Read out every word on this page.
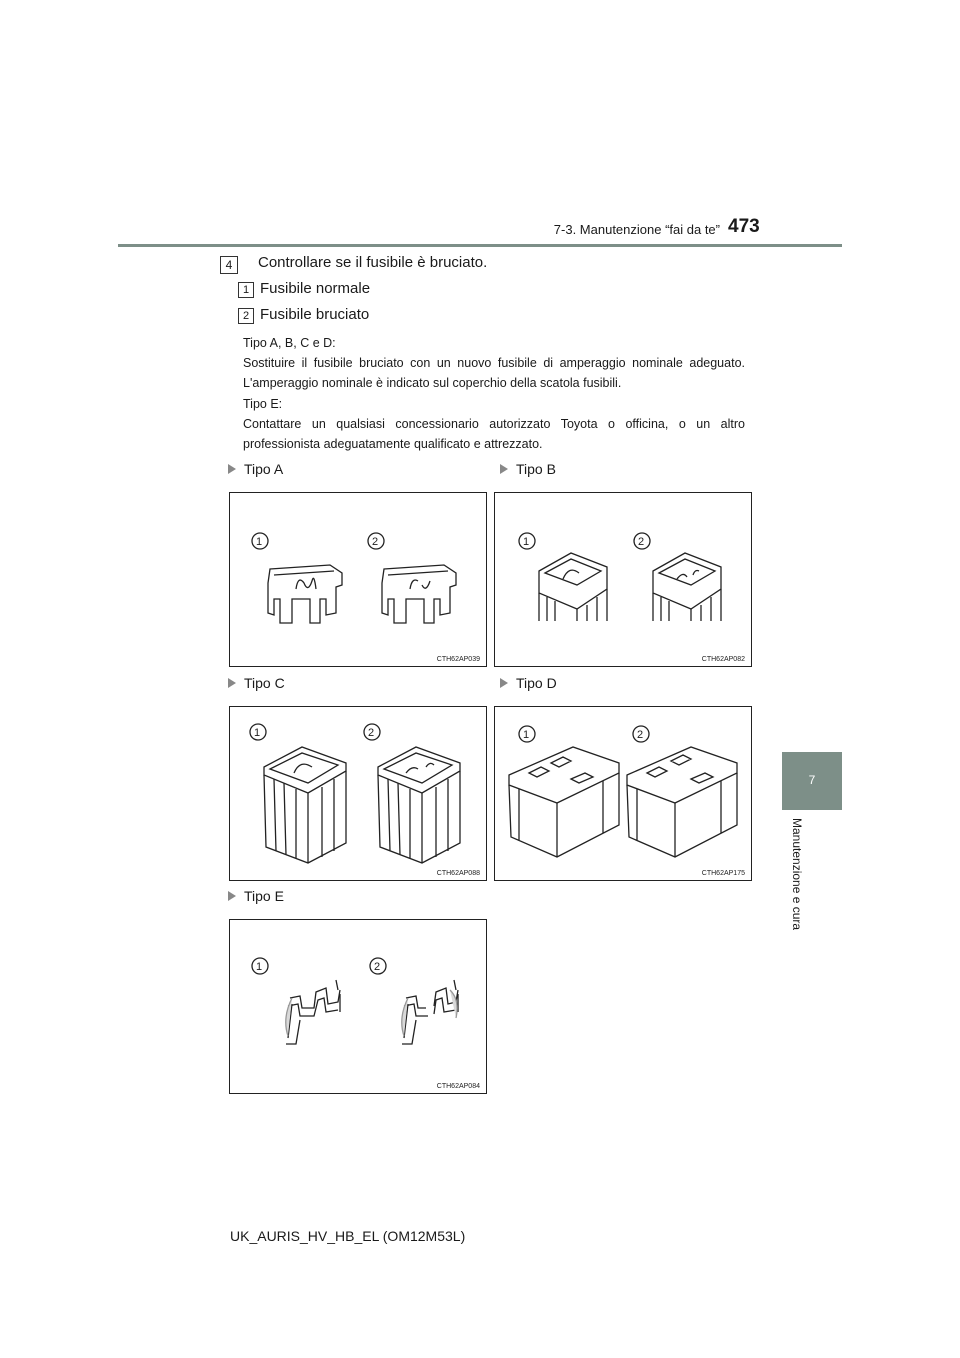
7-3. Manutenzione “fai da te” 473
7
Manutenzione e cura
4	Controllare se il fusibile è bruciato.
1 Fusibile normale
2 Fusibile bruciato
Tipo A, B, C e D:
Sostituire il fusibile bruciato con un nuovo fusibile di amperaggio nominale adeguato. L'amperaggio nominale è indicato sul coperchio della scatola fusibili.
Tipo E:
Contattare un qualsiasi concessionario autorizzato Toyota o officina, o un altro professionista adeguatamente qualificato e attrezzato.
Tipo A	Tipo B
Tipo C	Tipo D
Tipo E
1	2
CTH62AP039
1	2
CTH62AP082
1	2
CTH62AP088
1	2
CTH62AP175
1	2
CTH62AP084
UK_AURIS_HV_HB_EL (OM12M53L)
